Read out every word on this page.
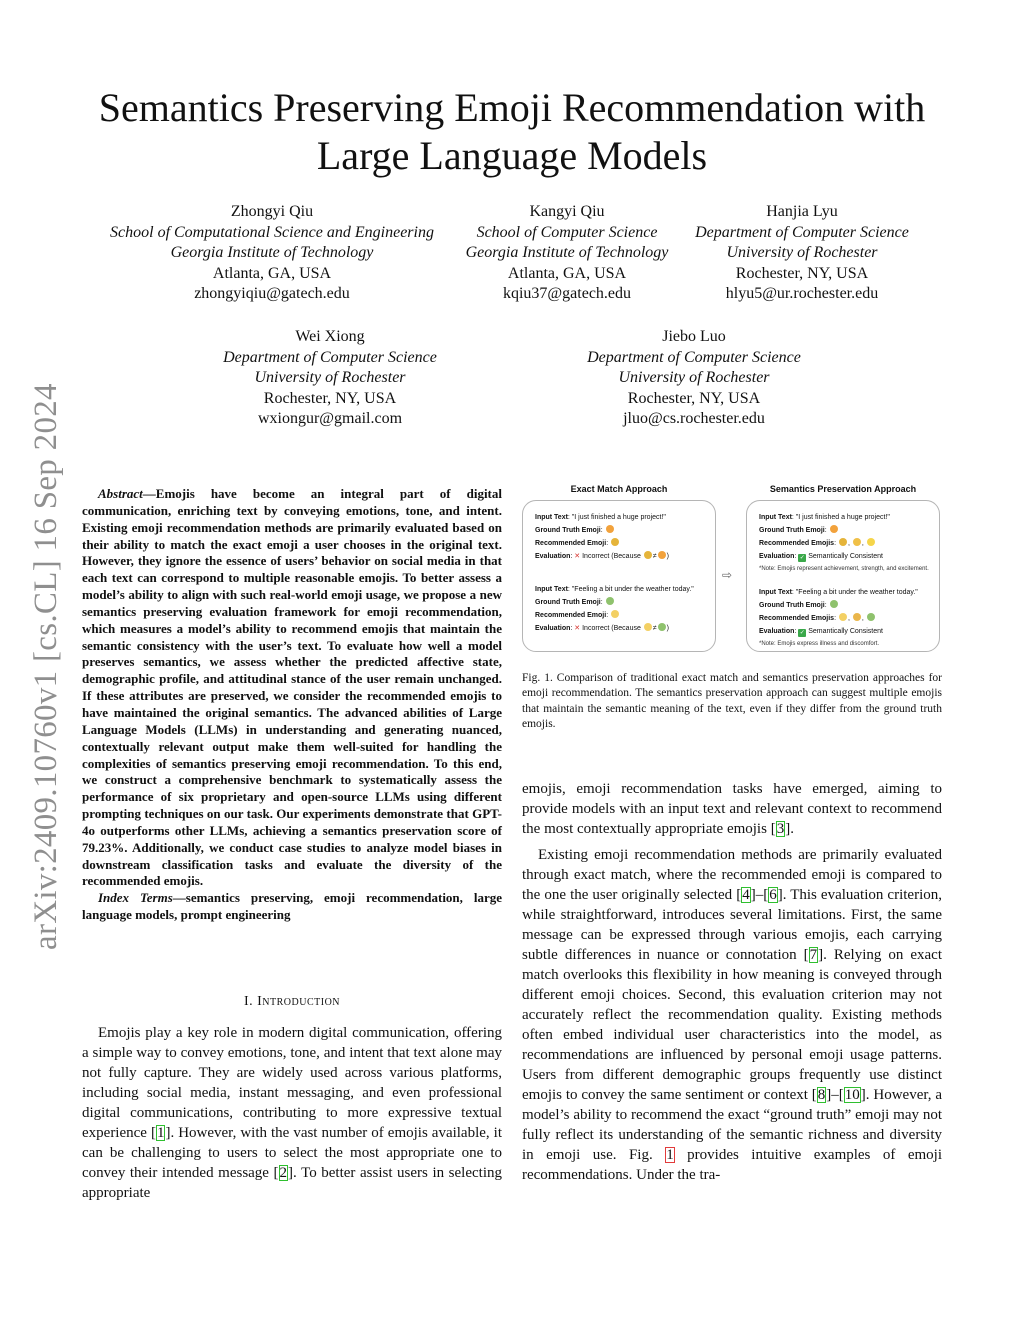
arXiv:2409.10760v1 [cs.CL] 16 Sep 2024
Semantics Preserving Emoji Recommendation with
Large Language Models
Zhongyi Qiu
School of Computational Science and Engineering
Georgia Institute of Technology
Atlanta, GA, USA
zhongyiqiu@gatech.edu
Kangyi Qiu
School of Computer Science
Georgia Institute of Technology
Atlanta, GA, USA
kqiu37@gatech.edu
Hanjia Lyu
Department of Computer Science
University of Rochester
Rochester, NY, USA
hlyu5@ur.rochester.edu
Wei Xiong
Department of Computer Science
University of Rochester
Rochester, NY, USA
wxiongur@gmail.com
Jiebo Luo
Department of Computer Science
University of Rochester
Rochester, NY, USA
jluo@cs.rochester.edu

Abstract—Emojis have become an integral part of digital communication, enriching text by conveying emotions, tone, and intent. Existing emoji recommendation methods are primarily evaluated based on their ability to match the exact emoji a user chooses in the original text. However, they ignore the essence of users’ behavior on social media in that each text can correspond to multiple reasonable emojis. To better assess a model’s ability to align with such real-world emoji usage, we propose a new semantics preserving evaluation framework for emoji recommendation, which measures a model’s ability to recommend emojis that maintain the semantic consistency with the user’s text. To evaluate how well a model preserves semantics, we assess whether the predicted affective state, demographic profile, and attitudinal stance of the user remain unchanged. If these attributes are preserved, we consider the recommended emojis to have maintained the original semantics. The advanced abilities of Large Language Models (LLMs) in understanding and generating nuanced, contextually relevant output make them well-suited for handling the complexities of semantics preserving emoji recommendation. To this end, we construct a comprehensive benchmark to systematically assess the performance of six proprietary and open-source LLMs using different prompting techniques on our task. Our experiments demonstrate that GPT-4o outperforms other LLMs, achieving a semantics preservation score of 79.23%. Additionally, we conduct case studies to analyze model biases in downstream classification tasks and evaluate the diversity of the recommended emojis.

Index Terms—semantics preserving, emoji recommendation, large language models, prompt engineering

I. Introduction

Emojis play a key role in modern digital communication, offering a simple way to convey emotions, tone, and intent that text alone may not fully capture. They are widely used across various platforms, including social media, instant messaging, and even professional digital communications, contributing to more expressive textual experience [1]. However, with the vast number of emojis available, it can be challenging to users to select the most appropriate one to convey their intended message [2]. To better assist users in selecting appropriate

Exact Match Approach	Semantics Preservation Approach
Input Text: "I just finished a huge project!"
Ground Truth Emoji:
Recommended Emoji:
Evaluation: ✕ Incorrect (Because ≠ )
Input Text: "Feeling a bit under the weather today."
Ground Truth Emoji:
Recommended Emoji:
Evaluation: ✕ Incorrect (Because ≠ )
⇨
Input Text: "I just finished a huge project!"
Ground Truth Emoji:
Recommended Emojis: , ,
Evaluation: ✓ Semantically Consistent
*Note: Emojis represent achievement, strength, and excitement.
Input Text: "Feeling a bit under the weather today."
Ground Truth Emoji:
Recommended Emojis: , ,
Evaluation: ✓ Semantically Consistent
*Note: Emojis express illness and discomfort.
Fig. 1. Comparison of traditional exact match and semantics preservation approaches for emoji recommendation. The semantics preservation approach can suggest multiple emojis that maintain the semantic meaning of the text, even if they differ from the ground truth emojis.

emojis, emoji recommendation tasks have emerged, aiming to provide models with an input text and relevant context to recommend the most contextually appropriate emojis [3].

Existing emoji recommendation methods are primarily evaluated through exact match, where the recommended emoji is compared to the one the user originally selected [4]–[6]. This evaluation criterion, while straightforward, introduces several limitations. First, the same message can be expressed through various emojis, each carrying subtle differences in nuance or connotation [7]. Relying on exact match overlooks this flexibility in how meaning is conveyed through different emoji choices. Second, this evaluation criterion may not accurately reflect the recommendation quality. Existing methods often embed individual user characteristics into the model, as recommendations are influenced by personal emoji usage patterns. Users from different demographic groups frequently use distinct emojis to convey the same sentiment or context [8]–[10]. However, a model’s ability to recommend the exact “ground truth” emoji may not fully reflect its understanding of the semantic richness and diversity in emoji use. Fig. 1 provides intuitive examples of emoji recommendations. Under the tra-
